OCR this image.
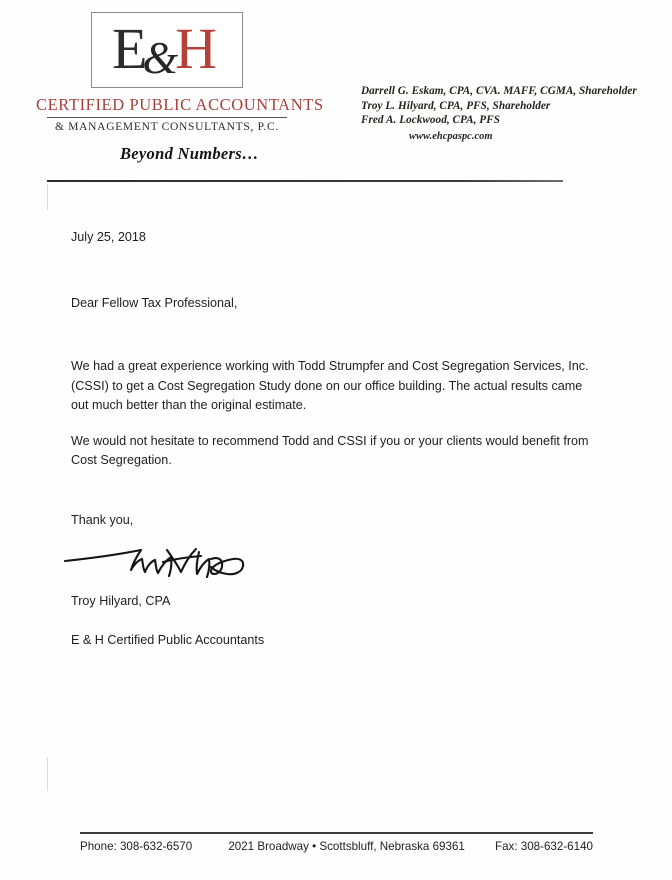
E&H
CERTIFIED PUBLIC ACCOUNTANTS
& MANAGEMENT CONSULTANTS, P.C.
Beyond Numbers…
Darrell G. Eskam, CPA, CVA. MAFF, CGMA, Shareholder
Troy L. Hilyard, CPA, PFS, Shareholder
Fred A. Lockwood, CPA, PFS
www.ehcpaspc.com

July 25, 2018

Dear Fellow Tax Professional,

We had a great experience working with Todd Strumpfer and Cost Segregation Services, Inc. (CSSI) to get a Cost Segregation Study done on our office building. The actual results came out much better than the original estimate.

We would not hesitate to recommend Todd and CSSI if you or your clients would benefit from Cost Segregation.

Thank you,

Troy Hilyard, CPA

E & H Certified Public Accountants

Phone: 308-632-6570	2021 Broadway • Scottsbluff, Nebraska 69361	Fax: 308-632-6140
